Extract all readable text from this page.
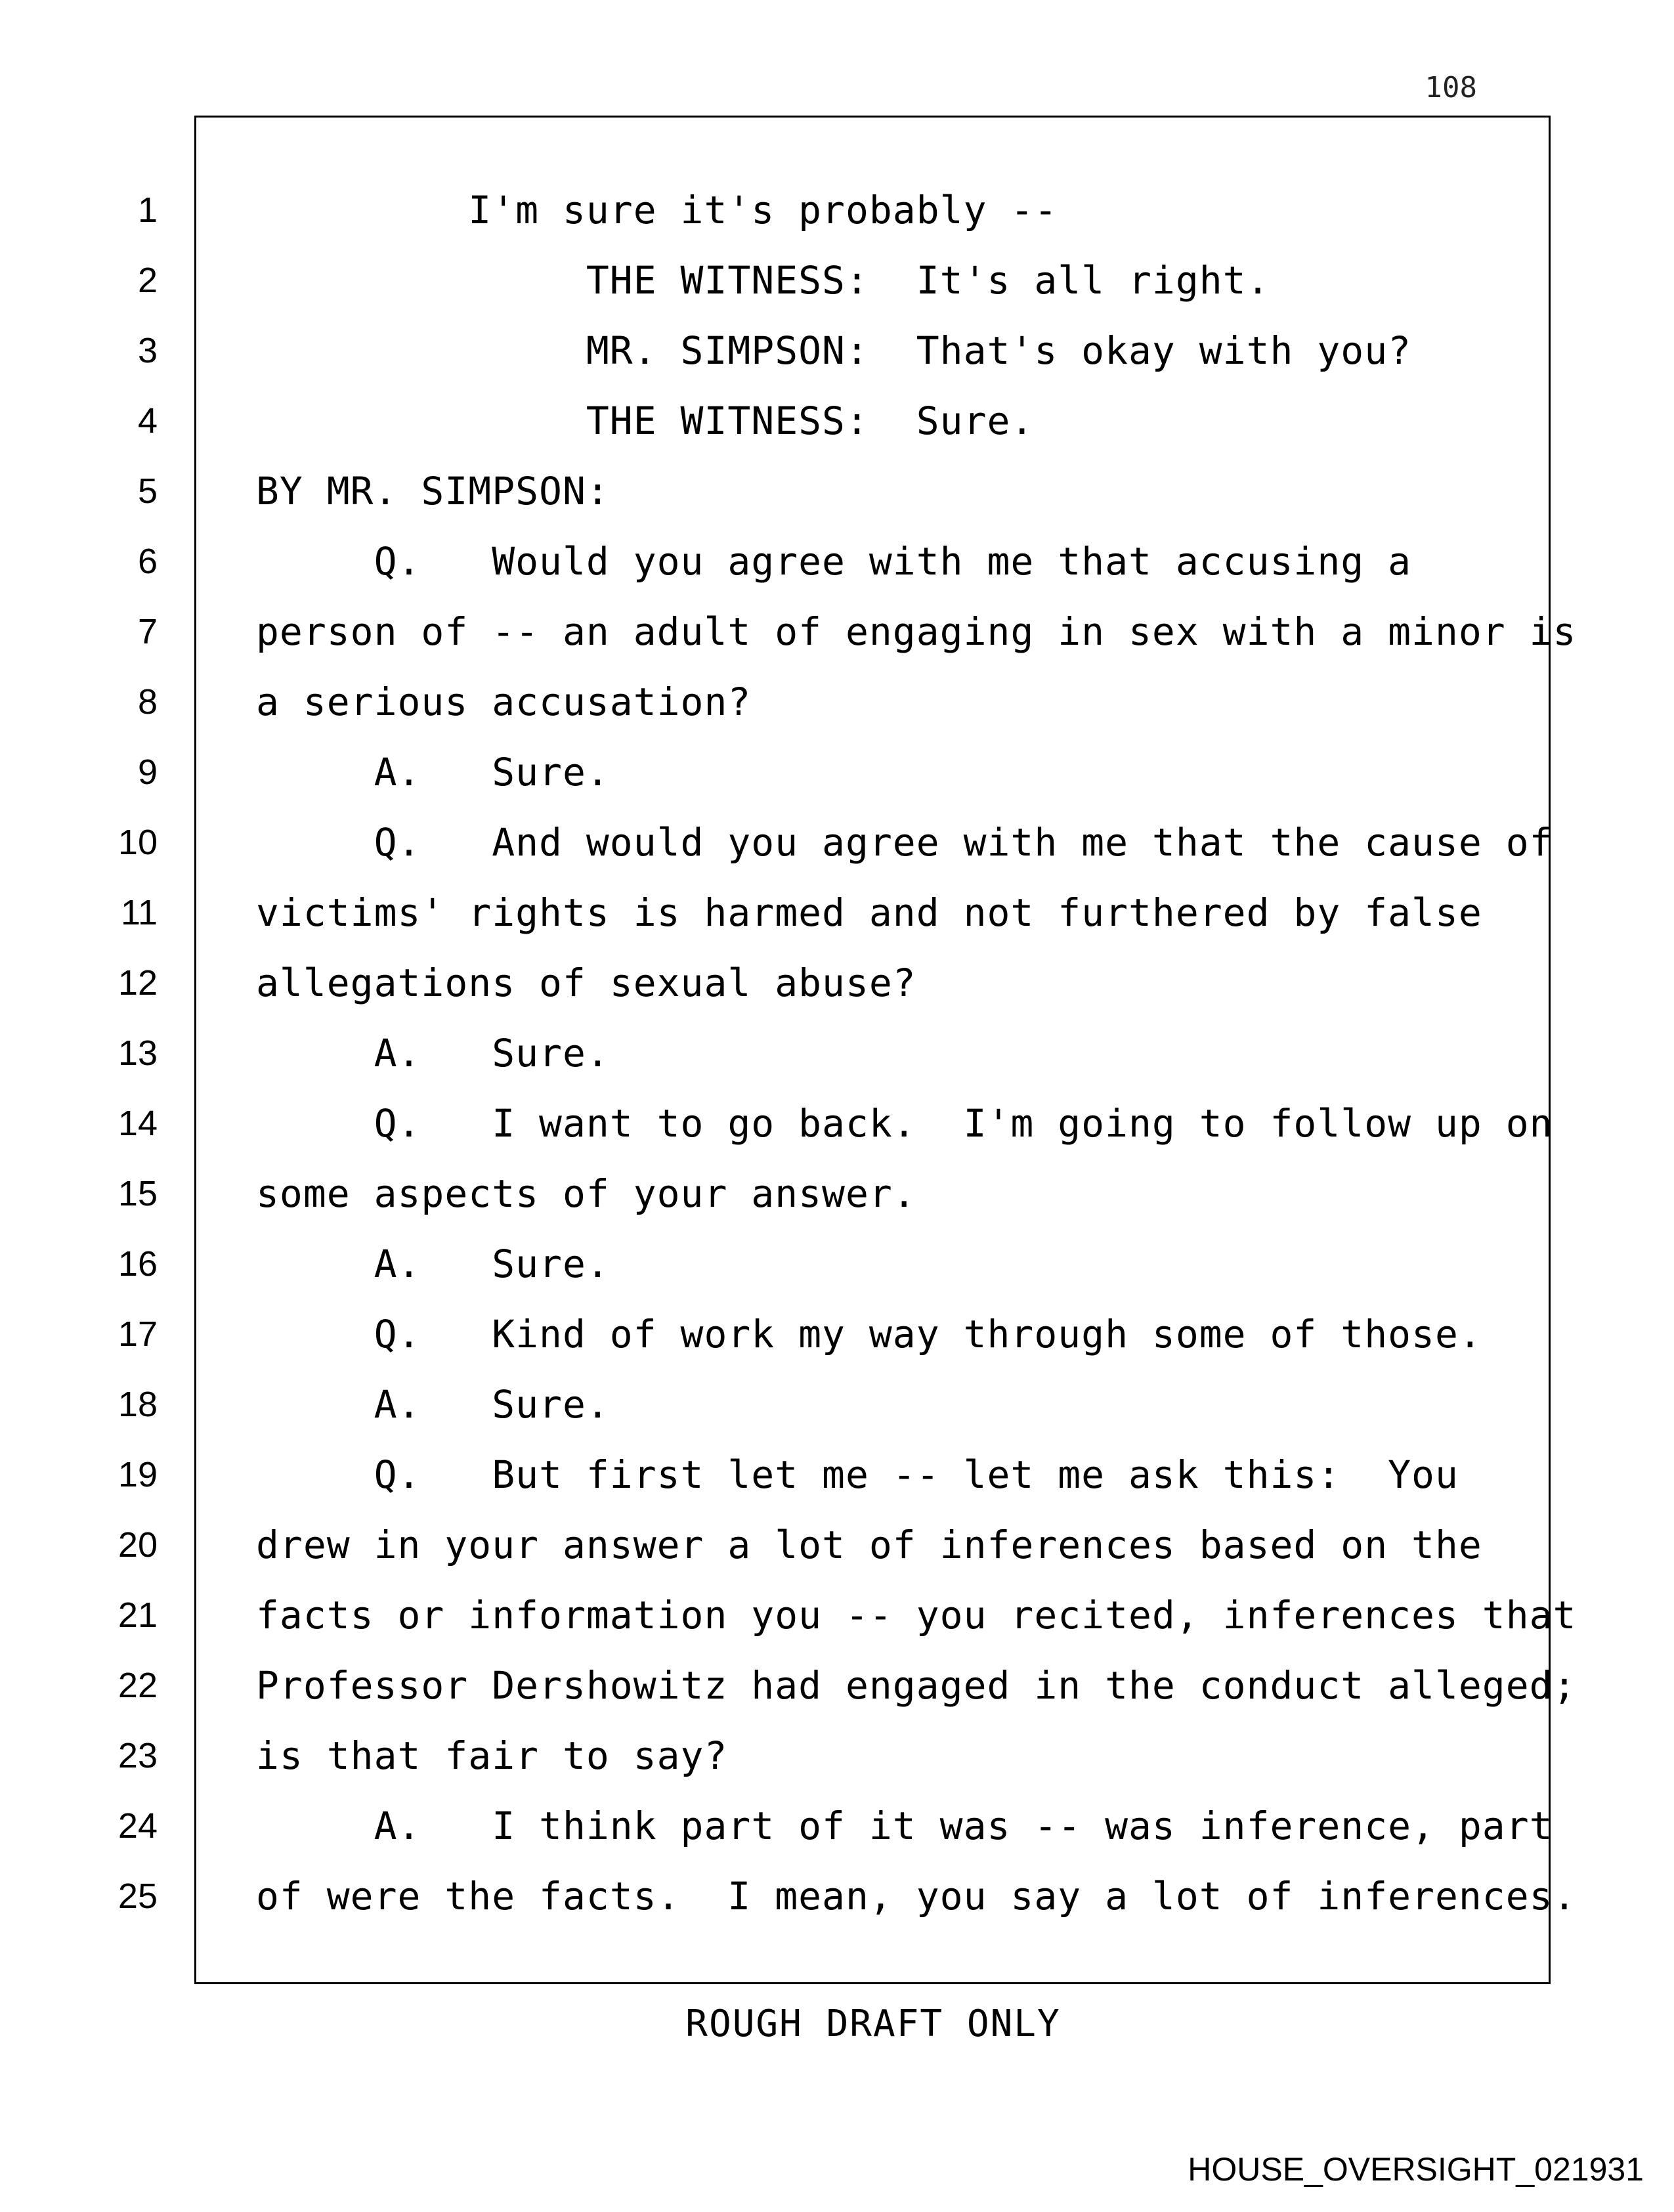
108
1
2
3
4
5
6
7
8
9
10
11
12
13
14
15
16
17
18
19
20
21
22
23
24
25
I'm sure it's probably --
THE WITNESS:  It's all right.
MR. SIMPSON:  That's okay with you?
THE WITNESS:  Sure.
BY MR. SIMPSON:
Q.   Would you agree with me that accusing a
person of -- an adult of engaging in sex with a minor is
a serious accusation?
A.   Sure.
Q.   And would you agree with me that the cause of
victims' rights is harmed and not furthered by false
allegations of sexual abuse?
A.   Sure.
Q.   I want to go back.  I'm going to follow up on
some aspects of your answer.
A.   Sure.
Q.   Kind of work my way through some of those.
A.   Sure.
Q.   But first let me -- let me ask this:  You
drew in your answer a lot of inferences based on the
facts or information you -- you recited, inferences that
Professor Dershowitz had engaged in the conduct alleged;
is that fair to say?
A.   I think part of it was -- was inference, part
of were the facts.  I mean, you say a lot of inferences.
ROUGH DRAFT ONLY
HOUSE_OVERSIGHT_021931
